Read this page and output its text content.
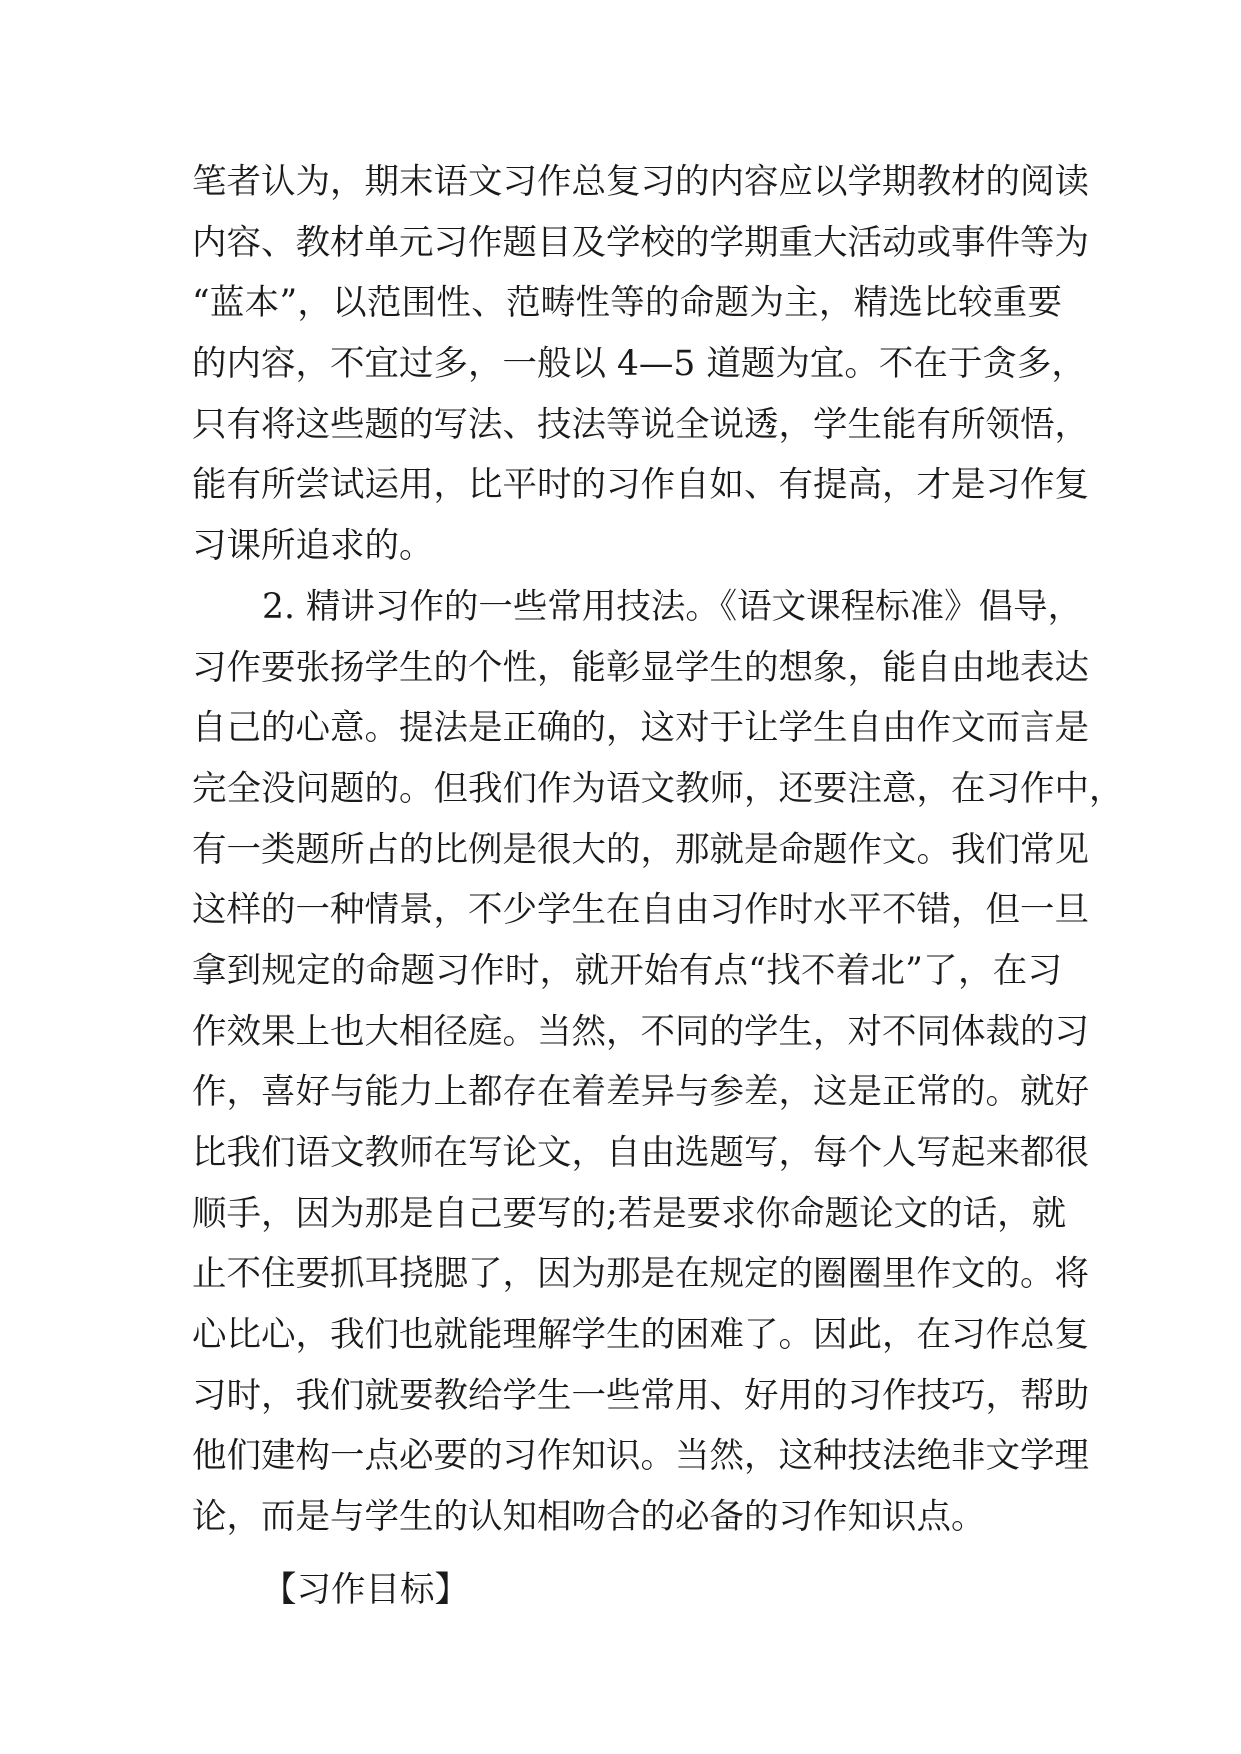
笔者认为，期末语文习作总复习的内容应以学期教材的阅读
内容、教材单元习作题目及学校的学期重大活动或事件等为
“蓝本”，以范围性、范畴性等的命题为主，精选比较重要
的内容，不宜过多，一般以 4—5 道题为宜。不在于贪多，
只有将这些题的写法、技法等说全说透，学生能有所领悟，
能有所尝试运用，比平时的习作自如、有提高，才是习作复
习课所追求的。
2. 精讲习作的一些常用技法。《语文课程标准》倡导，
习作要张扬学生的个性，能彰显学生的想象，能自由地表达
自己的心意。提法是正确的，这对于让学生自由作文而言是
完全没问题的。但我们作为语文教师，还要注意，在习作中，
有一类题所占的比例是很大的，那就是命题作文。我们常见
这样的一种情景，不少学生在自由习作时水平不错，但一旦
拿到规定的命题习作时，就开始有点“找不着北”了，在习
作效果上也大相径庭。当然，不同的学生，对不同体裁的习
作，喜好与能力上都存在着差异与参差，这是正常的。就好
比我们语文教师在写论文，自由选题写，每个人写起来都很
顺手，因为那是自己要写的;若是要求你命题论文的话，就
止不住要抓耳挠腮了，因为那是在规定的圈圈里作文的。将
心比心，我们也就能理解学生的困难了。因此，在习作总复
习时，我们就要教给学生一些常用、好用的习作技巧，帮助
他们建构一点必要的习作知识。当然，这种技法绝非文学理
论，而是与学生的认知相吻合的必备的习作知识点。
【习作目标】
